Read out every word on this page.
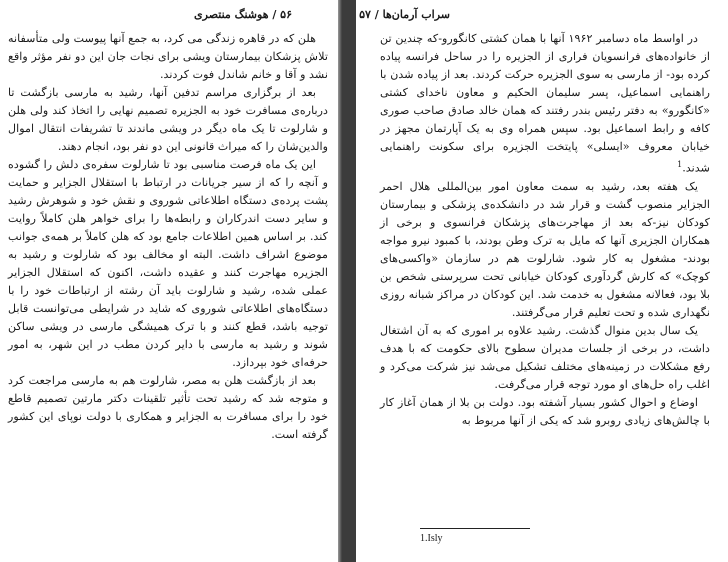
۵۶ / هوشنگ منتصری

هلن که در قاهره زندگی می کرد، به جمع آنها پیوست ولی متأسفانه تلاش پزشکان بیمارستان ویشی برای نجات جان این دو نفر مؤثر واقع نشد و آقا و خانم شاندل فوت کردند.

بعد از برگزاری مراسم تدفین آنها، رشید به مارسی بازگشت تا درباره‌ی مسافرت خود به الجزیره تصمیم نهایی را اتخاذ کند ولی هلن و شارلوت تا یک ماه دیگر در ویشی ماندند تا تشریفات انتقال اموال والدین‌شان را که میراث قانونی این دو نفر بود، انجام دهند.

این یک ماه فرصت مناسبی بود تا شارلوت سفره‌ی دلش را گشوده و آنچه را که از سیر جریانات در ارتباط با استقلال الجزایر و حمایت پشت پرده‌ی دستگاه اطلاعاتی شوروی و نقش خود و شوهرش رشید و سایر دست اندرکاران و رابطه‌ها را برای خواهر هلن کاملاً روایت کند. بر اساس همین اطلاعات جامع بود که هلن کاملاً بر همه‌ی جوانب موضوع اشراف داشت. البته او مخالف بود که شارلوت و رشید به الجزیره مهاجرت کنند و عقیده داشت، اکنون که استقلال الجزایر عملی شده، رشید و شارلوت باید آن رشته از ارتباطات خود را با دستگاه‌های اطلاعاتی شوروی که شاید در شرایطی می‌توانست قابل توجیه باشد، قطع کنند و با ترک همیشگی مارسی در ویشی ساکن شوند و رشید به مارسی با دایر کردن مطب در این شهر، به امور حرفه‌ای خود بپردازد.

بعد از بازگشت هلن به مصر، شارلوت هم به مارسی مراجعت کرد و متوجه شد که رشید تحت تأثیر تلقینات دکتر مارتین تصمیم قاطع خود را برای مسافرت به الجزایر و همکاری با دولت نوپای این کشور گرفته است.

سراب آرمان‌ها / ۵۷

در اواسط ماه دسامبر ۱۹۶۲ آنها با همان کشتی کانگورو-که چندین تن از خانواده‌های فرانسویان فراری از الجزیره را در ساحل فرانسه پیاده کرده بود- از مارسی به سوی الجزیره حرکت کردند. بعد از پیاده شدن با راهنمایی اسماعیل، پسر سلیمان الحکیم و معاون ناخدای کشتی «کانگورو» به دفتر رئیس بندر رفتند که همان خالد صادق صاحب صوری کافه و رابط اسماعیل بود. سپس همراه وی به یک آپارتمان مجهز در خیابان معروف «ایسلی» پایتخت الجزیره برای سکونت راهنمایی شدند.$^1$

یک هفته بعد، رشید به سمت معاون امور بین‌المللی هلال احمر الجزایر منصوب گشت و قرار شد در دانشکده‌ی پزشکی و بیمارستان کودکان نیز-که بعد از مهاجرت‌های پزشکان فرانسوی و برخی از همکاران الجزیری آنها که مایل به ترک وطن بودند، با کمبود نیرو مواجه بودند- مشغول به کار شود. شارلوت هم در سازمان «واکسی‌های کوچک» که کارش گردآوری کودکان خیابانی تحت سرپرستی شخص بن بلا بود، فعالانه مشغول به خدمت شد. این کودکان در مراکز شبانه روزی نگهداری شده و تحت تعلیم قرار می‌گرفتند.

یک سال بدین منوال گذشت. رشید علاوه بر اموری که به آن اشتغال داشت، در برخی از جلسات مدیران سطوح بالای حکومت که با هدف رفع مشکلات در زمینه‌های مختلف تشکیل می‌شد نیز شرکت می‌کرد و اغلب راه حل‌های او مورد توجه قرار می‌گرفت.

اوضاع و احوال کشور بسیار آشفته بود. دولت بن بلا از همان آغاز کار با چالش‌های زیادی روبرو شد که یکی از آنها مربوط به

1.Isly
